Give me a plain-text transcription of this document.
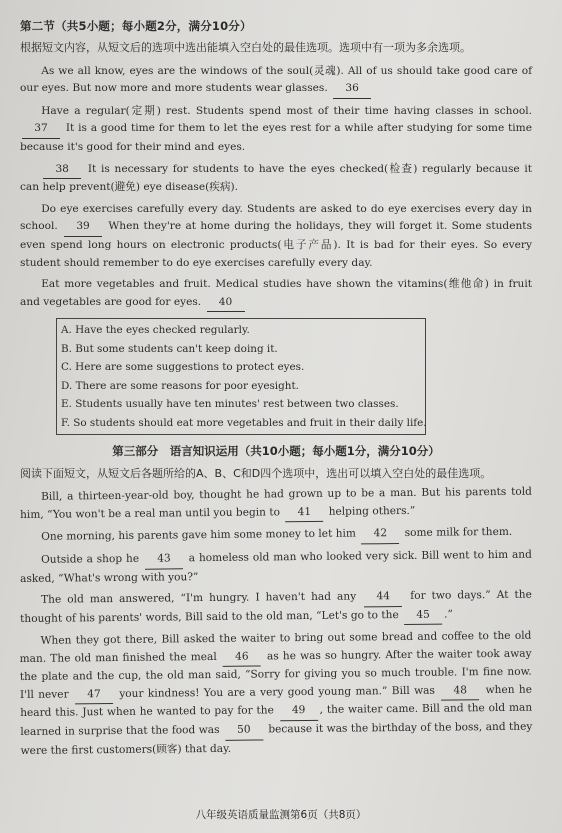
第二节（共5小题；每小题2分，满分10分）
根据短文内容，从短文后的选项中选出能填入空白处的最佳选项。选项中有一项为多余选项。

As we all know, eyes are the windows of the soul(灵魂). All of us should take good care of our eyes. But now more and more students wear glasses. 36

Have a regular(定期) rest. Students spend most of their time having classes in school. 37 It is a good time for them to let the eyes rest for a while after studying for some time because it's good for their mind and eyes.

38 It is necessary for students to have the eyes checked(检查) regularly because it can help prevent(避免) eye disease(疾病).

Do eye exercises carefully every day. Students are asked to do eye exercises every day in school. 39 When they're at home during the holidays, they will forget it. Some students even spend long hours on electronic products(电子产品). It is bad for their eyes. So every student should remember to do eye exercises carefully every day.

Eat more vegetables and fruit. Medical studies have shown the vitamins(维他命) in fruit and vegetables are good for eyes. 40

A. Have the eyes checked regularly.
B. But some students can't keep doing it.
C. Here are some suggestions to protect eyes.
D. There are some reasons for poor eyesight.
E. Students usually have ten minutes' rest between two classes.
F. So students should eat more vegetables and fruit in their daily life.
第三部分　语言知识运用（共10小题；每小题1分，满分10分）
阅读下面短文，从短文后各题所给的A、B、C和D四个选项中，选出可以填入空白处的最佳选项。

Bill, a thirteen-year-old boy, thought he had grown up to be a man. But his parents told him, “You won't be a real man until you begin to 41 helping others.”

One morning, his parents gave him some money to let him 42 some milk for them.

Outside a shop he 43 a homeless old man who looked very sick. Bill went to him and asked, “What's wrong with you?”

The old man answered, “I'm hungry. I haven't had any 44 for two days.” At the thought of his parents' words, Bill said to the old man, “Let's go to the 45 .”

When they got there, Bill asked the waiter to bring out some bread and coffee to the old man. The old man finished the meal 46 as he was so hungry. After the waiter took away the plate and the cup, the old man said, “Sorry for giving you so much trouble. I'm fine now. I'll never 47 your kindness! You are a very good young man.” Bill was 48 when he heard this. Just when he wanted to pay for the 49 , the waiter came. Bill and the old man learned in surprise that the food was 50 because it was the birthday of the boss, and they were the first customers(顾客) that day.

八年级英语质量监测第6页（共8页）
